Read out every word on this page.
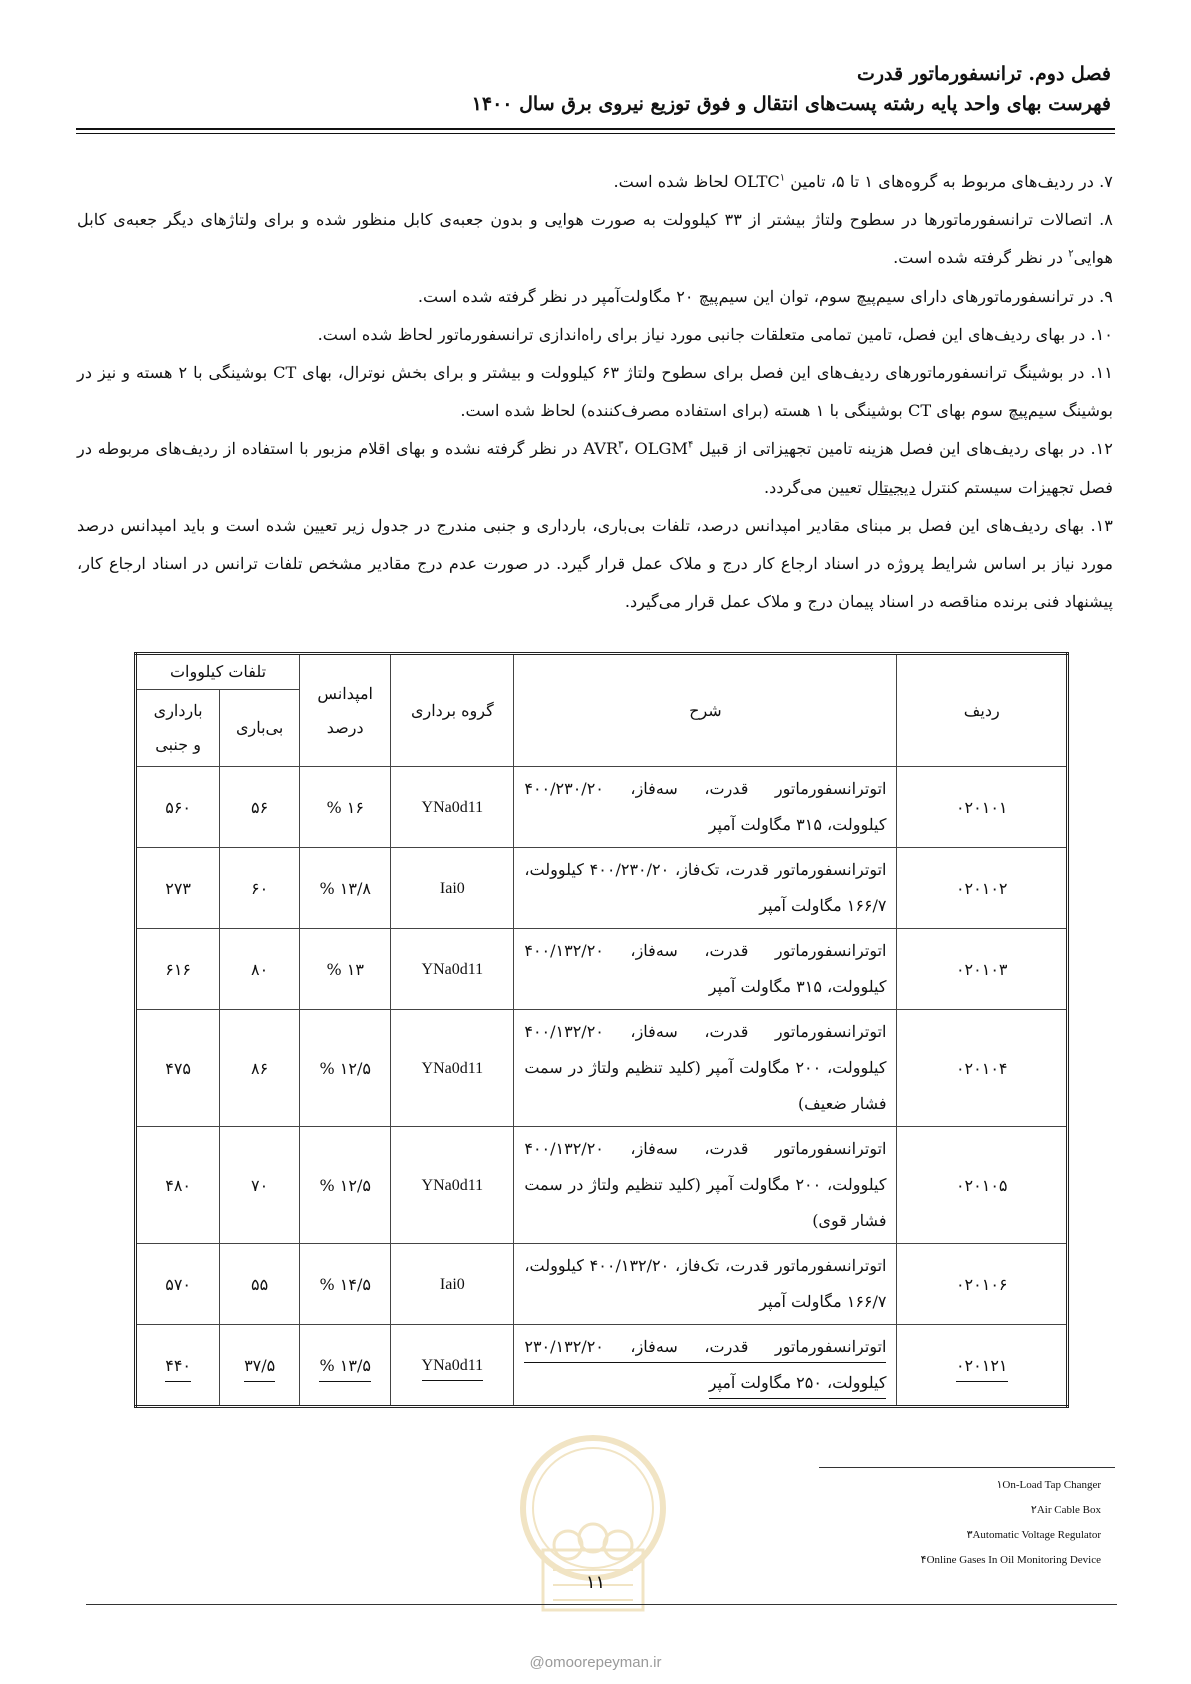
فصل دوم. ترانسفورماتور قدرت
فهرست بهای واحد پایه رشته پست‌های انتقال و فوق توزیع نیروی برق سال ۱۴۰۰

۷. در ردیف‌های مربوط به گروه‌های ۱ تا ۵، تامین OLTC$^۱$ لحاظ شده است.

۸. اتصالات ترانسفورماتورها در سطوح ولتاژ بیشتر از ۳۳ کیلوولت به صورت هوایی و بدون جعبه‌ی کابل منظور شده و برای ولتاژهای دیگر جعبه‌ی کابل هوایی$^۲$ در نظر گرفته شده است.

۹. در ترانسفورماتورهای دارای سیم‌پیچ سوم، توان این سیم‌پیچ ۲۰ مگاولت‌آمپر در نظر گرفته شده است.

۱۰. در بهای ردیف‌های این فصل، تامین تمامی متعلقات جانبی مورد نیاز برای راه‌اندازی ترانسفورماتور لحاظ شده است.

۱۱. در بوشینگ ترانسفورماتورهای ردیف‌های این فصل برای سطوح ولتاژ ۶۳ کیلوولت و بیشتر و برای بخش نوترال، بهای CT بوشینگی با ۲ هسته و نیز در بوشینگ سیم‌پیچ سوم بهای CT بوشینگی با ۱ هسته (برای استفاده مصرف‌کننده) لحاظ شده است.

۱۲. در بهای ردیف‌های این فصل هزینه تامین تجهیزاتی از قبیل AVR$^۳$، OLGM$^۴$ در نظر گرفته نشده و بهای اقلام مزبور با استفاده از ردیف‌های مربوطه در فصل تجهیزات سیستم کنترل دیجیتال تعیین می‌گردد.

۱۳. بهای ردیف‌های این فصل بر مبنای مقادیر امپدانس درصد، تلفات بی‌باری، بارداری و جنبی مندرج در جدول زیر تعیین شده است و باید امپدانس درصد مورد نیاز بر اساس شرایط پروژه در اسناد ارجاع کار درج و ملاک عمل قرار گیرد. در صورت عدم درج مقادیر مشخص تلفات ترانس در اسناد ارجاع کار، پیشنهاد فنی برنده مناقصه در اسناد پیمان درج و ملاک عمل قرار می‌گیرد.

ردیف	شرح	گروه برداری	امپدانس درصد	تلفات کیلووات	
				بی‌باری	بارداری و جنبی
۰۲۰۱۰۱	اتوترانسفورماتور قدرت، سه‌فاز، ۴۰۰/۲۳۰/۲۰ کیلوولت، ۳۱۵ مگاولت آمپر	YNa0d11	۱۶ %	۵۶	۵۶۰
۰۲۰۱۰۲	اتوترانسفورماتور قدرت، تک‌فاز، ۴۰۰/۲۳۰/۲۰ کیلوولت، ۱۶۶/۷ مگاولت آمپر	Iai0	۱۳/۸ %	۶۰	۲۷۳
۰۲۰۱۰۳	اتوترانسفورماتور قدرت، سه‌فاز، ۴۰۰/۱۳۲/۲۰ کیلوولت، ۳۱۵ مگاولت آمپر	YNa0d11	۱۳ %	۸۰	۶۱۶
۰۲۰۱۰۴	اتوترانسفورماتور قدرت، سه‌فاز، ۴۰۰/۱۳۲/۲۰ کیلوولت، ۲۰۰ مگاولت آمپر (کلید تنظیم ولتاژ در سمت فشار ضعیف)	YNa0d11	۱۲/۵ %	۸۶	۴۷۵
۰۲۰۱۰۵	اتوترانسفورماتور قدرت، سه‌فاز، ۴۰۰/۱۳۲/۲۰ کیلوولت، ۲۰۰ مگاولت آمپر (کلید تنظیم ولتاژ در سمت فشار قوی)	YNa0d11	۱۲/۵ %	۷۰	۴۸۰
۰۲۰۱۰۶	اتوترانسفورماتور قدرت، تک‌فاز، ۴۰۰/۱۳۲/۲۰ کیلوولت، ۱۶۶/۷ مگاولت آمپر	Iai0	۱۴/۵ %	۵۵	۵۷۰
۰۲۰۱۲۱	اتوترانسفورماتور قدرت، سه‌فاز، ۲۳۰/۱۳۲/۲۰ کیلوولت، ۲۵۰ مگاولت آمپر	YNa0d11	۱۳/۵ %	۳۷/۵	۴۴۰
۱On-Load Tap Changer
۲Air Cable Box
۳Automatic Voltage Regulator
۴Online Gases In Oil Monitoring Device
۱۱
@omoorepeyman.ir
